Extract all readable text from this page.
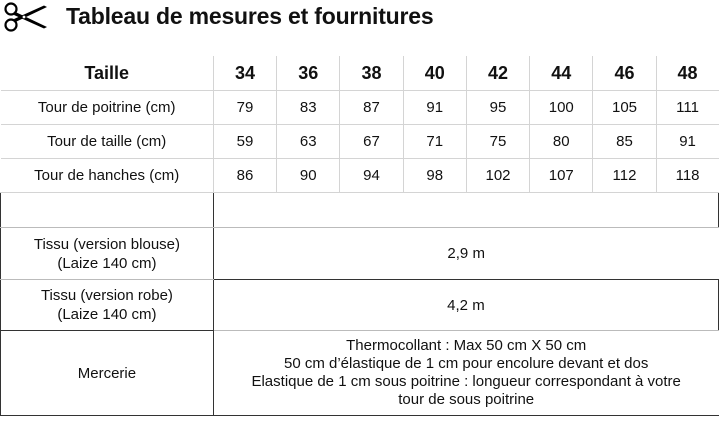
Tableau de mesures et fournitures
Taille	34	36	38	40	42	44	46	48
Tour de poitrine (cm)	79	83	87	91	95	100	105	111
Tour de taille (cm)	59	63	67	71	75	80	85	91
Tour de hanches (cm)	86	90	94	98	102	107	112	118

Tissu (version blouse)
(Laize 140 cm)	2,9 m							

Tissu (version robe)
(Laize 140 cm)	4,2 m							
Mercerie	Thermocollant : Max 50 cm X 50 cm
50 cm d’élastique de 1 cm pour encolure devant et dos
Elastique de 1 cm sous poitrine : longueur correspondant à votre
tour de sous poitrine							
